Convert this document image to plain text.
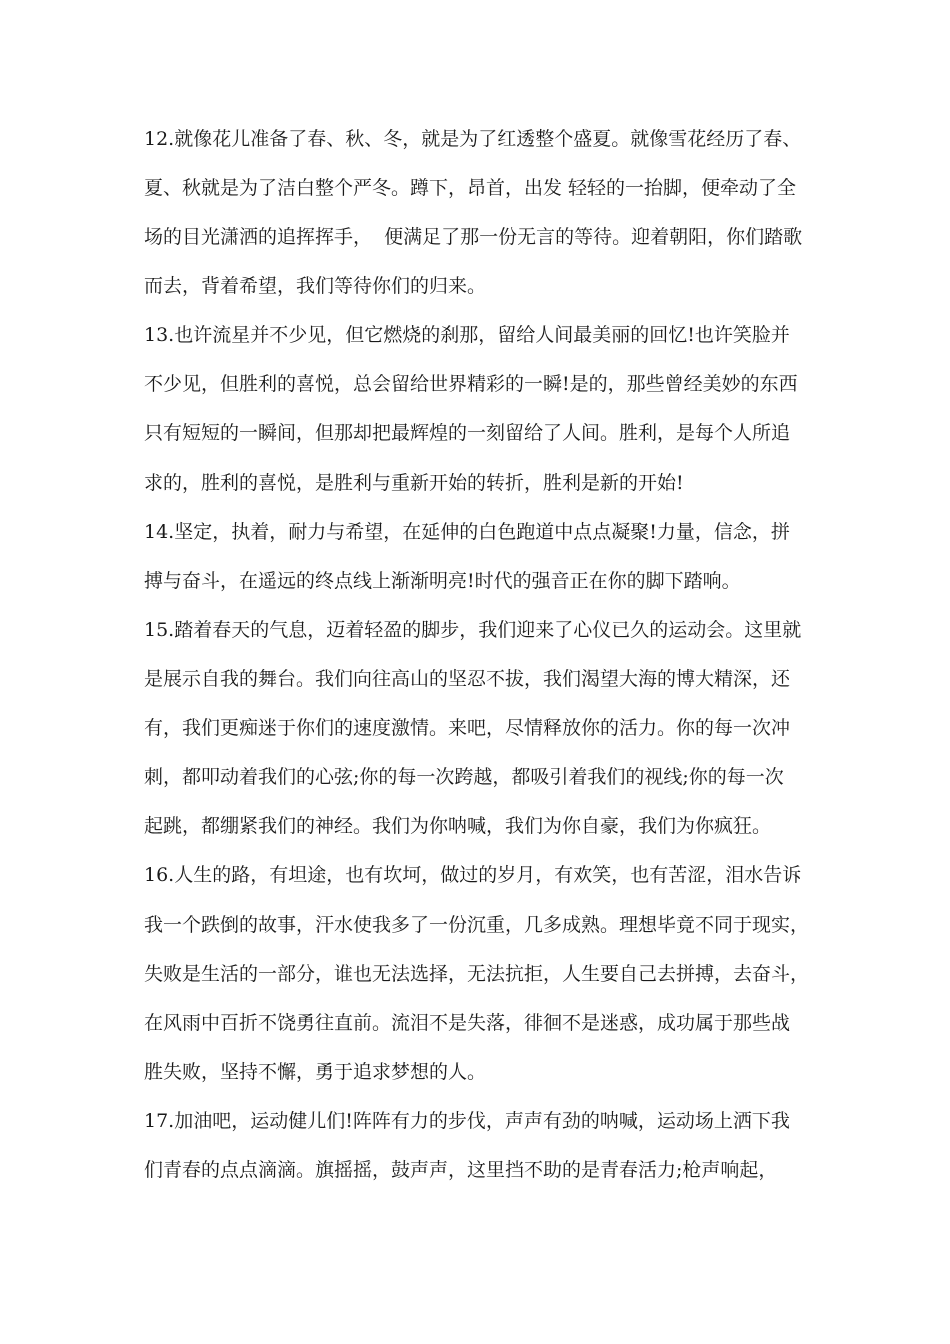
12.就像花儿准备了春、秋、冬，就是为了红透整个盛夏。就像雪花经历了春、
夏、秋就是为了洁白整个严冬。蹲下，昂首，出发 轻轻的一抬脚，便牵动了全
场的目光潇洒的追挥挥手，  便满足了那一份无言的等待。迎着朝阳，你们踏歌
而去，背着希望，我们等待你们的归来。
13.也许流星并不少见，但它燃烧的刹那，留给人间最美丽的回忆!也许笑脸并
不少见，但胜利的喜悦，总会留给世界精彩的一瞬!是的，那些曾经美妙的东西
只有短短的一瞬间，但那却把最辉煌的一刻留给了人间。胜利，是每个人所追
求的，胜利的喜悦，是胜利与重新开始的转折，胜利是新的开始!
14.坚定，执着，耐力与希望，在延伸的白色跑道中点点凝聚!力量，信念，拼
搏与奋斗，在遥远的终点线上渐渐明亮!时代的强音正在你的脚下踏响。
15.踏着春天的气息，迈着轻盈的脚步，我们迎来了心仪已久的运动会。这里就
是展示自我的舞台。我们向往高山的坚忍不拔，我们渴望大海的博大精深，还
有，我们更痴迷于你们的速度激情。来吧，尽情释放你的活力。你的每一次冲
刺，都叩动着我们的心弦;你的每一次跨越，都吸引着我们的视线;你的每一次
起跳，都绷紧我们的神经。我们为你呐喊，我们为你自豪，我们为你疯狂。
16.人生的路，有坦途，也有坎坷，做过的岁月，有欢笑，也有苦涩，泪水告诉
我一个跌倒的故事，汗水使我多了一份沉重，几多成熟。理想毕竟不同于现实，
失败是生活的一部分，谁也无法选择，无法抗拒，人生要自己去拼搏，去奋斗，
在风雨中百折不饶勇往直前。流泪不是失落，徘徊不是迷惑，成功属于那些战
胜失败，坚持不懈，勇于追求梦想的人。
17.加油吧，运动健儿们!阵阵有力的步伐，声声有劲的呐喊，运动场上洒下我
们青春的点点滴滴。旗摇摇，鼓声声，这里挡不助的是青春活力;枪声响起，
